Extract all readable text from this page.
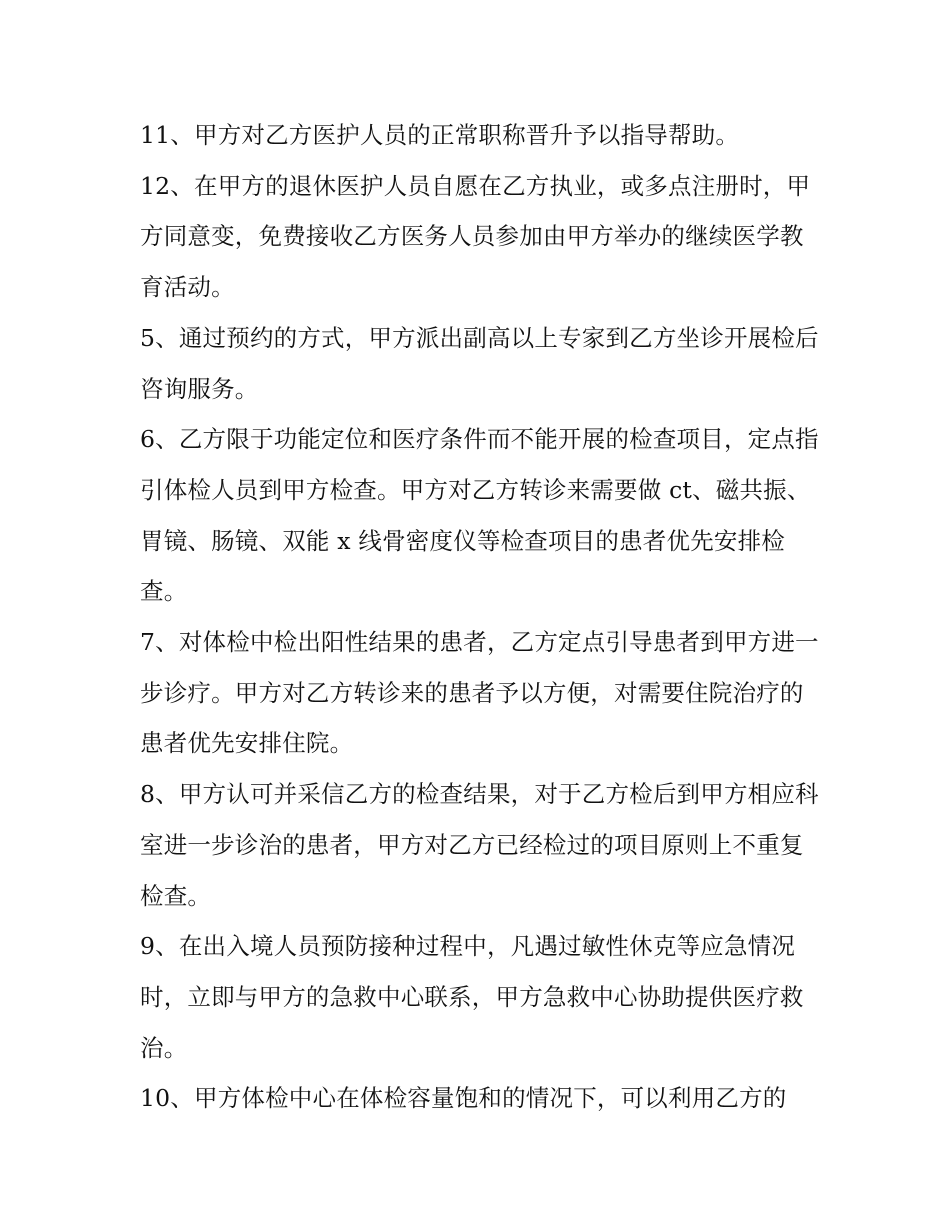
11、甲方对乙方医护人员的正常职称晋升予以指导帮助。

12、在甲方的退休医护人员自愿在乙方执业，或多点注册时，甲方同意变，免费接收乙方医务人员参加由甲方举办的继续医学教育活动。

5、通过预约的方式，甲方派出副高以上专家到乙方坐诊开展检后咨询服务。

6、乙方限于功能定位和医疗条件而不能开展的检查项目，定点指引体检人员到甲方检查。甲方对乙方转诊来需要做 ct、磁共振、胃镜、肠镜、双能 x 线骨密度仪等检查项目的患者优先安排检查。

7、对体检中检出阳性结果的患者，乙方定点引导患者到甲方进一步诊疗。甲方对乙方转诊来的患者予以方便，对需要住院治疗的患者优先安排住院。

8、甲方认可并采信乙方的检查结果，对于乙方检后到甲方相应科室进一步诊治的患者，甲方对乙方已经检过的项目原则上不重复检查。

9、在出入境人员预防接种过程中，凡遇过敏性休克等应急情况时，立即与甲方的急救中心联系，甲方急救中心协助提供医疗救治。

10、甲方体检中心在体检容量饱和的情况下，可以利用乙方的
